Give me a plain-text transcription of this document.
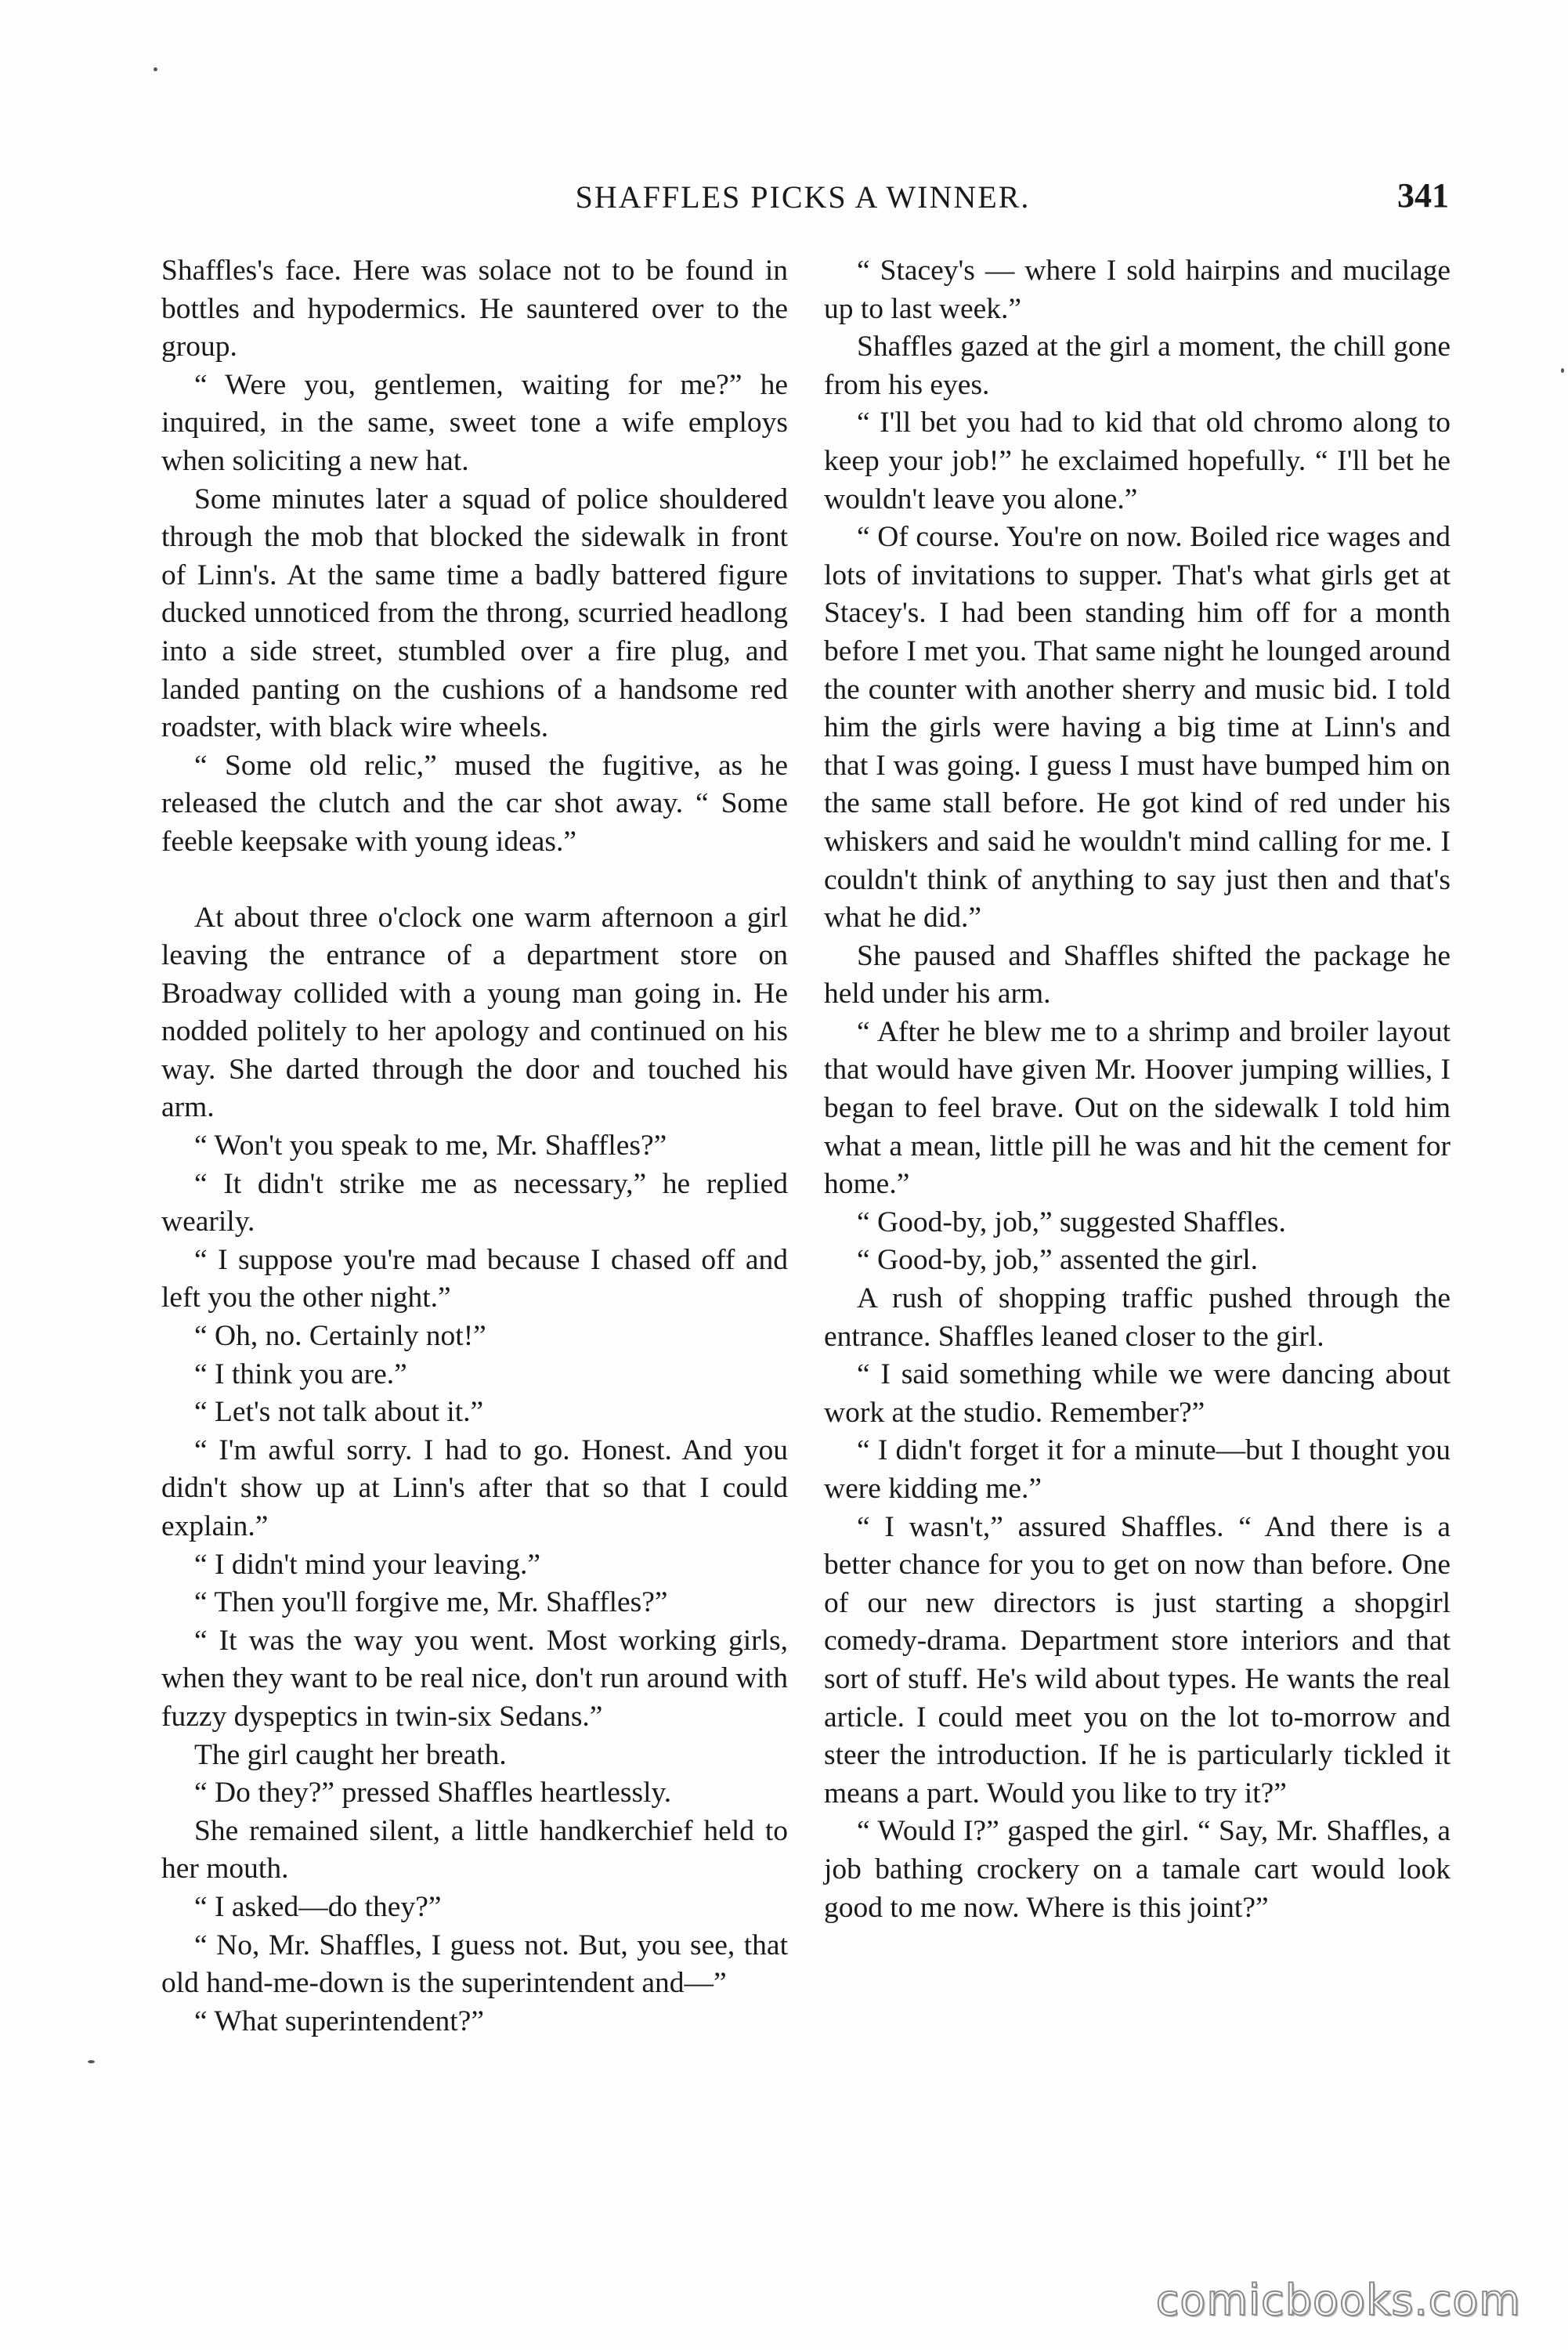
SHAFFLES PICKS A WINNER.	341

Shaffles's face. Here was solace not to be found in bottles and hypodermics. He sauntered over to the group.

“ Were you, gentlemen, waiting for me?” he inquired, in the same, sweet tone a wife employs when soliciting a new hat.

Some minutes later a squad of police shouldered through the mob that blocked the sidewalk in front of Linn's. At the same time a badly battered figure ducked unnoticed from the throng, scurried headlong into a side street, stumbled over a fire plug, and landed panting on the cushions of a handsome red roadster, with black wire wheels.

“ Some old relic,” mused the fugitive, as he released the clutch and the car shot away. “ Some feeble keepsake with young ideas.”

At about three o'clock one warm afternoon a girl leaving the entrance of a department store on Broadway collided with a young man going in. He nodded politely to her apology and continued on his way. She darted through the door and touched his arm.

“ Won't you speak to me, Mr. Shaffles?”

“ It didn't strike me as necessary,” he replied wearily.

“ I suppose you're mad because I chased off and left you the other night.”

“ Oh, no. Certainly not!”

“ I think you are.”

“ Let's not talk about it.”

“ I'm awful sorry. I had to go. Honest. And you didn't show up at Linn's after that so that I could explain.”

“ I didn't mind your leaving.”

“ Then you'll forgive me, Mr. Shaffles?”

“ It was the way you went. Most working girls, when they want to be real nice, don't run around with fuzzy dyspeptics in twin-six Sedans.”

The girl caught her breath.

“ Do they?” pressed Shaffles heartlessly.

She remained silent, a little handkerchief held to her mouth.

“ I asked—do they?”

“ No, Mr. Shaffles, I guess not. But, you see, that old hand-me-down is the superintendent and—”

“ What superintendent?”

“ Stacey's — where I sold hairpins and mucilage up to last week.”

Shaffles gazed at the girl a moment, the chill gone from his eyes.

“ I'll bet you had to kid that old chromo along to keep your job!” he exclaimed hopefully. “ I'll bet he wouldn't leave you alone.”

“ Of course. You're on now. Boiled rice wages and lots of invitations to supper. That's what girls get at Stacey's. I had been standing him off for a month before I met you. That same night he lounged around the counter with another sherry and music bid. I told him the girls were having a big time at Linn's and that I was going. I guess I must have bumped him on the same stall before. He got kind of red under his whiskers and said he wouldn't mind calling for me. I couldn't think of anything to say just then and that's what he did.”

She paused and Shaffles shifted the package he held under his arm.

“ After he blew me to a shrimp and broiler layout that would have given Mr. Hoover jumping willies, I began to feel brave. Out on the sidewalk I told him what a mean, little pill he was and hit the cement for home.”

“ Good-by, job,” suggested Shaffles.

“ Good-by, job,” assented the girl.

A rush of shopping traffic pushed through the entrance. Shaffles leaned closer to the girl.

“ I said something while we were dancing about work at the studio. Remember?”

“ I didn't forget it for a minute—but I thought you were kidding me.”

“ I wasn't,” assured Shaffles. “ And there is a better chance for you to get on now than before. One of our new directors is just starting a shopgirl comedy-drama. Department store interiors and that sort of stuff. He's wild about types. He wants the real article. I could meet you on the lot to-morrow and steer the introduction. If he is particularly tickled it means a part. Would you like to try it?”

“ Would I?” gasped the girl. “ Say, Mr. Shaffles, a job bathing crockery on a tamale cart would look good to me now. Where is this joint?”

comicbooks.com
